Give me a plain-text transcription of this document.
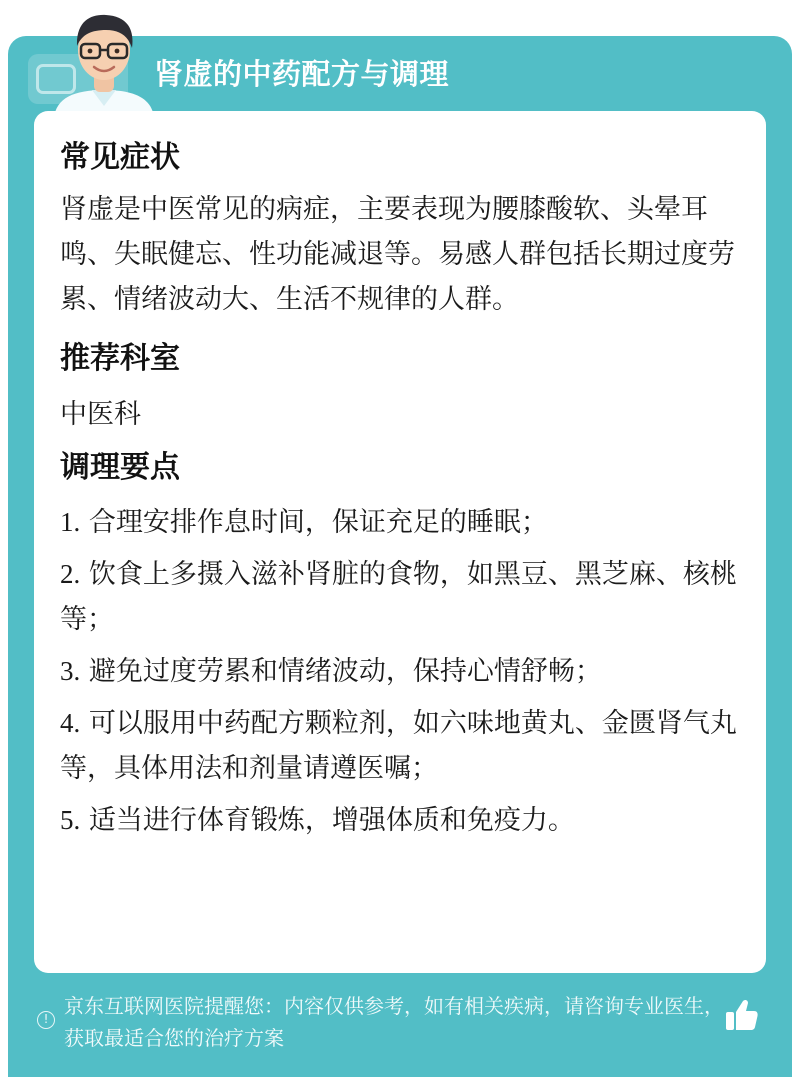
肾虚的中药配方与调理
常见症状
肾虚是中医常见的病症，主要表现为腰膝酸软、头晕耳鸣、失眠健忘、性功能减退等。易感人群包括长期过度劳累、情绪波动大、生活不规律的人群。
推荐科室
中医科
调理要点
1. 合理安排作息时间，保证充足的睡眠；
2. 饮食上多摄入滋补肾脏的食物，如黑豆、黑芝麻、核桃等；
3. 避免过度劳累和情绪波动，保持心情舒畅；
4. 可以服用中药配方颗粒剂，如六味地黄丸、金匮肾气丸等，具体用法和剂量请遵医嘱；
5. 适当进行体育锻炼，增强体质和免疫力。
!
京东互联网医院提醒您：内容仅供参考，如有相关疾病，请咨询专业医生，获取最适合您的治疗方案
